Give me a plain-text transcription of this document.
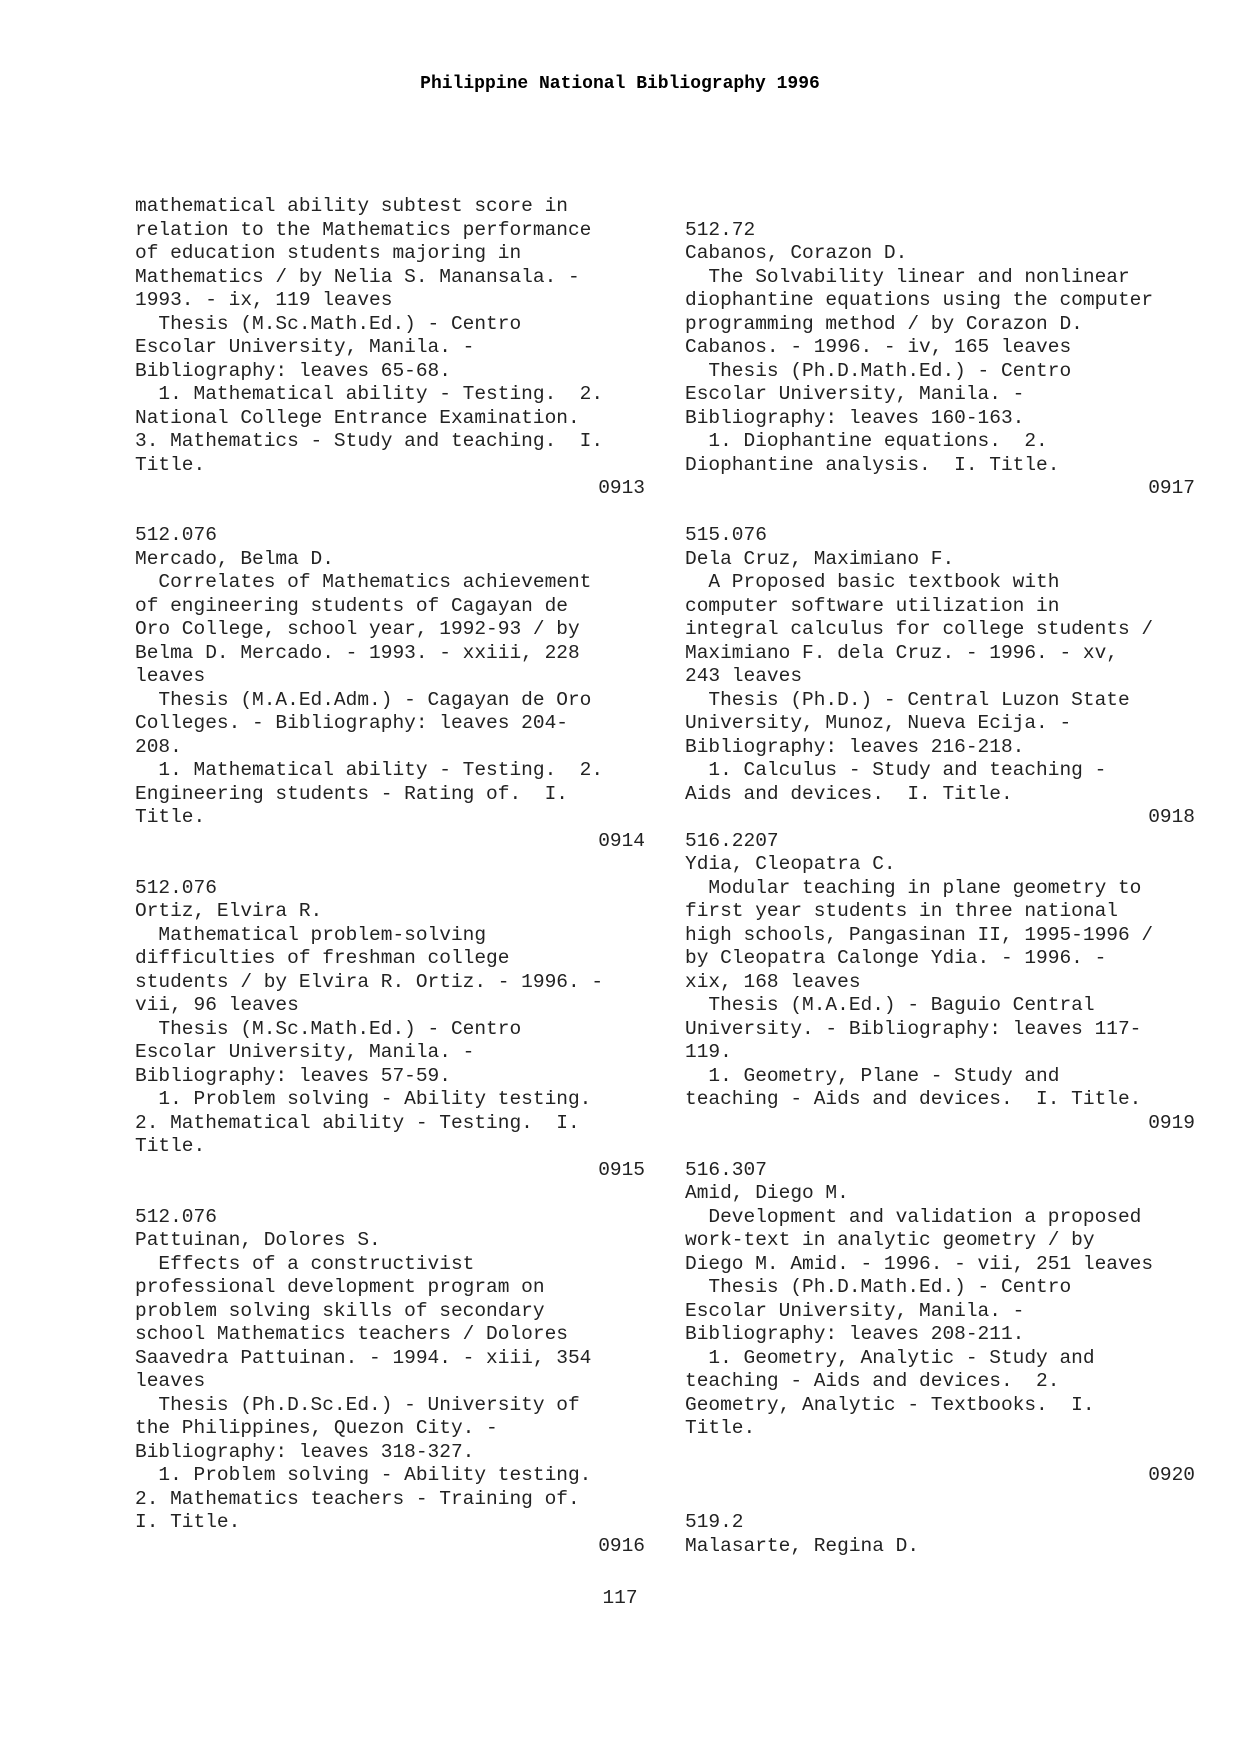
Philippine National Bibliography 1996
mathematical ability subtest score in
relation to the Mathematics performance
of education students majoring in
Mathematics / by Nelia S. Manansala. -
1993. - ix, 119 leaves
Thesis (M.Sc.Math.Ed.) - Centro
Escolar University, Manila. -
Bibliography: leaves 65-68.
1. Mathematical ability - Testing.  2.
National College Entrance Examination.
3. Mathematics - Study and teaching.  I.
Title.
0913
512.076
Mercado, Belma D.
Correlates of Mathematics achievement
of engineering students of Cagayan de
Oro College, school year, 1992-93 / by
Belma D. Mercado. - 1993. - xxiii, 228
leaves
Thesis (M.A.Ed.Adm.) - Cagayan de Oro
Colleges. - Bibliography: leaves 204-
208.
1. Mathematical ability - Testing.  2.
Engineering students - Rating of.  I.
Title.
0914
512.076
Ortiz, Elvira R.
Mathematical problem-solving
difficulties of freshman college
students / by Elvira R. Ortiz. - 1996. -
vii, 96 leaves
Thesis (M.Sc.Math.Ed.) - Centro
Escolar University, Manila. -
Bibliography: leaves 57-59.
1. Problem solving - Ability testing.
2. Mathematical ability - Testing.  I.
Title.
0915
512.076
Pattuinan, Dolores S.
Effects of a constructivist
professional development program on
problem solving skills of secondary
school Mathematics teachers / Dolores
Saavedra Pattuinan. - 1994. - xiii, 354
leaves
Thesis (Ph.D.Sc.Ed.) - University of
the Philippines, Quezon City. -
Bibliography: leaves 318-327.
1. Problem solving - Ability testing.
2. Mathematics teachers - Training of.
I. Title.
0916
512.72
Cabanos, Corazon D.
The Solvability linear and nonlinear
diophantine equations using the computer
programming method / by Corazon D.
Cabanos. - 1996. - iv, 165 leaves
Thesis (Ph.D.Math.Ed.) - Centro
Escolar University, Manila. -
Bibliography: leaves 160-163.
1. Diophantine equations.  2.
Diophantine analysis.  I. Title.
0917
515.076
Dela Cruz, Maximiano F.
A Proposed basic textbook with
computer software utilization in
integral calculus for college students /
Maximiano F. dela Cruz. - 1996. - xv,
243 leaves
Thesis (Ph.D.) - Central Luzon State
University, Munoz, Nueva Ecija. -
Bibliography: leaves 216-218.
1. Calculus - Study and teaching -
Aids and devices.  I. Title.
0918
516.2207
Ydia, Cleopatra C.
Modular teaching in plane geometry to
first year students in three national
high schools, Pangasinan II, 1995-1996 /
by Cleopatra Calonge Ydia. - 1996. -
xix, 168 leaves
Thesis (M.A.Ed.) - Baguio Central
University. - Bibliography: leaves 117-
119.
1. Geometry, Plane - Study and
teaching - Aids and devices.  I. Title.
0919
516.307
Amid, Diego M.
Development and validation a proposed
work-text in analytic geometry / by
Diego M. Amid. - 1996. - vii, 251 leaves
Thesis (Ph.D.Math.Ed.) - Centro
Escolar University, Manila. -
Bibliography: leaves 208-211.
1. Geometry, Analytic - Study and
teaching - Aids and devices.  2.
Geometry, Analytic - Textbooks.  I.
Title.
0920
519.2
Malasarte, Regina D.
117
